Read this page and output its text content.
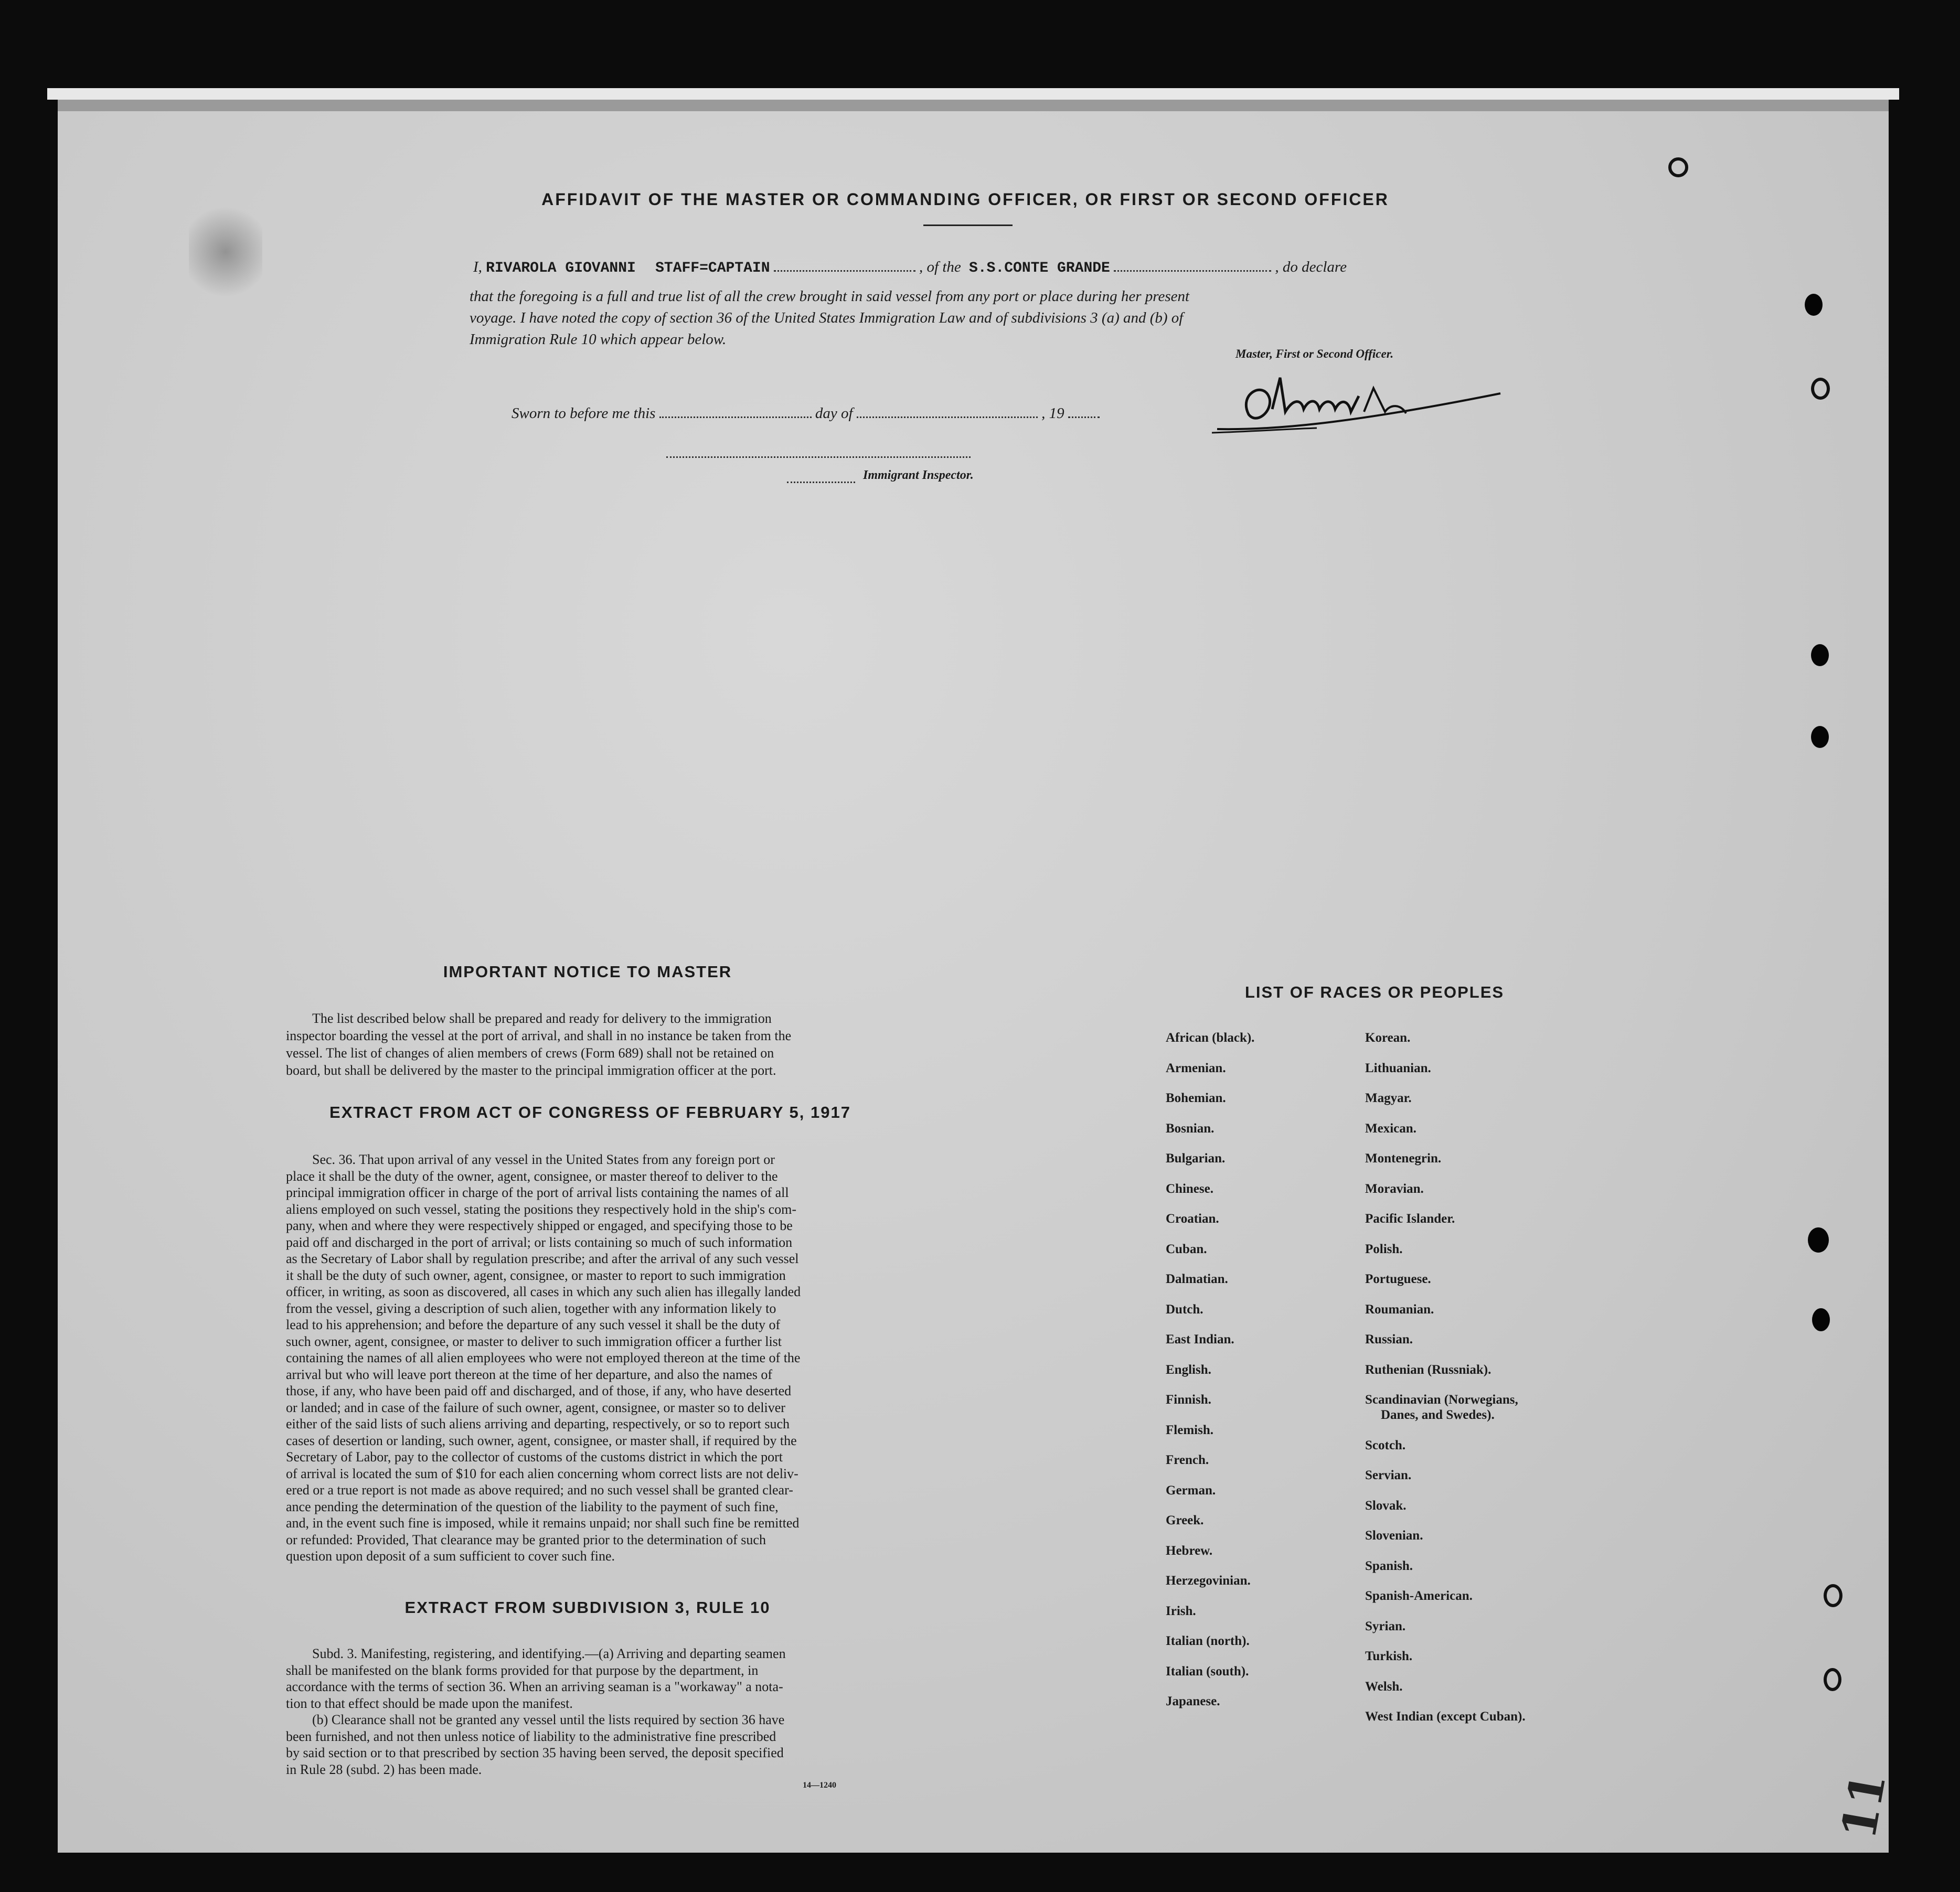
AFFIDAVIT OF THE MASTER OR COMMANDING OFFICER, OR FIRST OR SECOND OFFICER
I, RIVAROLA GIOVANNI STAFF=CAPTAIN	, of the S.S.CONTE GRANDE	, do declare
that the foregoing is a full and true list of all the crew brought in said vessel from any port or place during her present
voyage. I have noted the copy of section 36 of the United States Immigration Law and of subdivisions 3 (a) and (b) of
Immigration Rule 10 which appear below.
Master, First or Second Officer.
Sworn to before me this	day of	, 19
Immigrant Inspector.
IMPORTANT NOTICE TO MASTER
The list described below shall be prepared and ready for delivery to the immigration
inspector boarding the vessel at the port of arrival, and shall in no instance be taken from the
vessel. The list of changes of alien members of crews (Form 689) shall not be retained on
board, but shall be delivered by the master to the principal immigration officer at the port.
EXTRACT FROM ACT OF CONGRESS OF FEBRUARY 5, 1917
Sec. 36. That upon arrival of any vessel in the United States from any foreign port or
place it shall be the duty of the owner, agent, consignee, or master thereof to deliver to the
principal immigration officer in charge of the port of arrival lists containing the names of all
aliens employed on such vessel, stating the positions they respectively hold in the ship's com-
pany, when and where they were respectively shipped or engaged, and specifying those to be
paid off and discharged in the port of arrival; or lists containing so much of such information
as the Secretary of Labor shall by regulation prescribe; and after the arrival of any such vessel
it shall be the duty of such owner, agent, consignee, or master to report to such immigration
officer, in writing, as soon as discovered, all cases in which any such alien has illegally landed
from the vessel, giving a description of such alien, together with any information likely to
lead to his apprehension; and before the departure of any such vessel it shall be the duty of
such owner, agent, consignee, or master to deliver to such immigration officer a further list
containing the names of all alien employees who were not employed thereon at the time of the
arrival but who will leave port thereon at the time of her departure, and also the names of
those, if any, who have been paid off and discharged, and of those, if any, who have deserted
or landed; and in case of the failure of such owner, agent, consignee, or master so to deliver
either of the said lists of such aliens arriving and departing, respectively, or so to report such
cases of desertion or landing, such owner, agent, consignee, or master shall, if required by the
Secretary of Labor, pay to the collector of customs of the customs district in which the port
of arrival is located the sum of $10 for each alien concerning whom correct lists are not deliv-
ered or a true report is not made as above required; and no such vessel shall be granted clear-
ance pending the determination of the question of the liability to the payment of such fine,
and, in the event such fine is imposed, while it remains unpaid; nor shall such fine be remitted
or refunded: Provided, That clearance may be granted prior to the determination of such
question upon deposit of a sum sufficient to cover such fine.
EXTRACT FROM SUBDIVISION 3, RULE 10
Subd. 3. Manifesting, registering, and identifying.—(a) Arriving and departing seamen
shall be manifested on the blank forms provided for that purpose by the department, in
accordance with the terms of section 36. When an arriving seaman is a "workaway" a nota-
tion to that effect should be made upon the manifest.
(b) Clearance shall not be granted any vessel until the lists required by section 36 have
been furnished, and not then unless notice of liability to the administrative fine prescribed
by said section or to that prescribed by section 35 having been served, the deposit specified
in Rule 28 (subd. 2) has been made.
14—1240
LIST OF RACES OR PEOPLES
African (black).
Armenian.
Bohemian.
Bosnian.
Bulgarian.
Chinese.
Croatian.
Cuban.
Dalmatian.
Dutch.
East Indian.
English.
Finnish.
Flemish.
French.
German.
Greek.
Hebrew.
Herzegovinian.
Irish.
Italian (north).
Italian (south).
Japanese.
Korean.
Lithuanian.
Magyar.
Mexican.
Montenegrin.
Moravian.
Pacific Islander.
Polish.
Portuguese.
Roumanian.
Russian.
Ruthenian (Russniak).
Scandinavian (Norwegians,
Danes, and Swedes).
Scotch.
Servian.
Slovak.
Slovenian.
Spanish.
Spanish-American.
Syrian.
Turkish.
Welsh.
West Indian (except Cuban).
11
